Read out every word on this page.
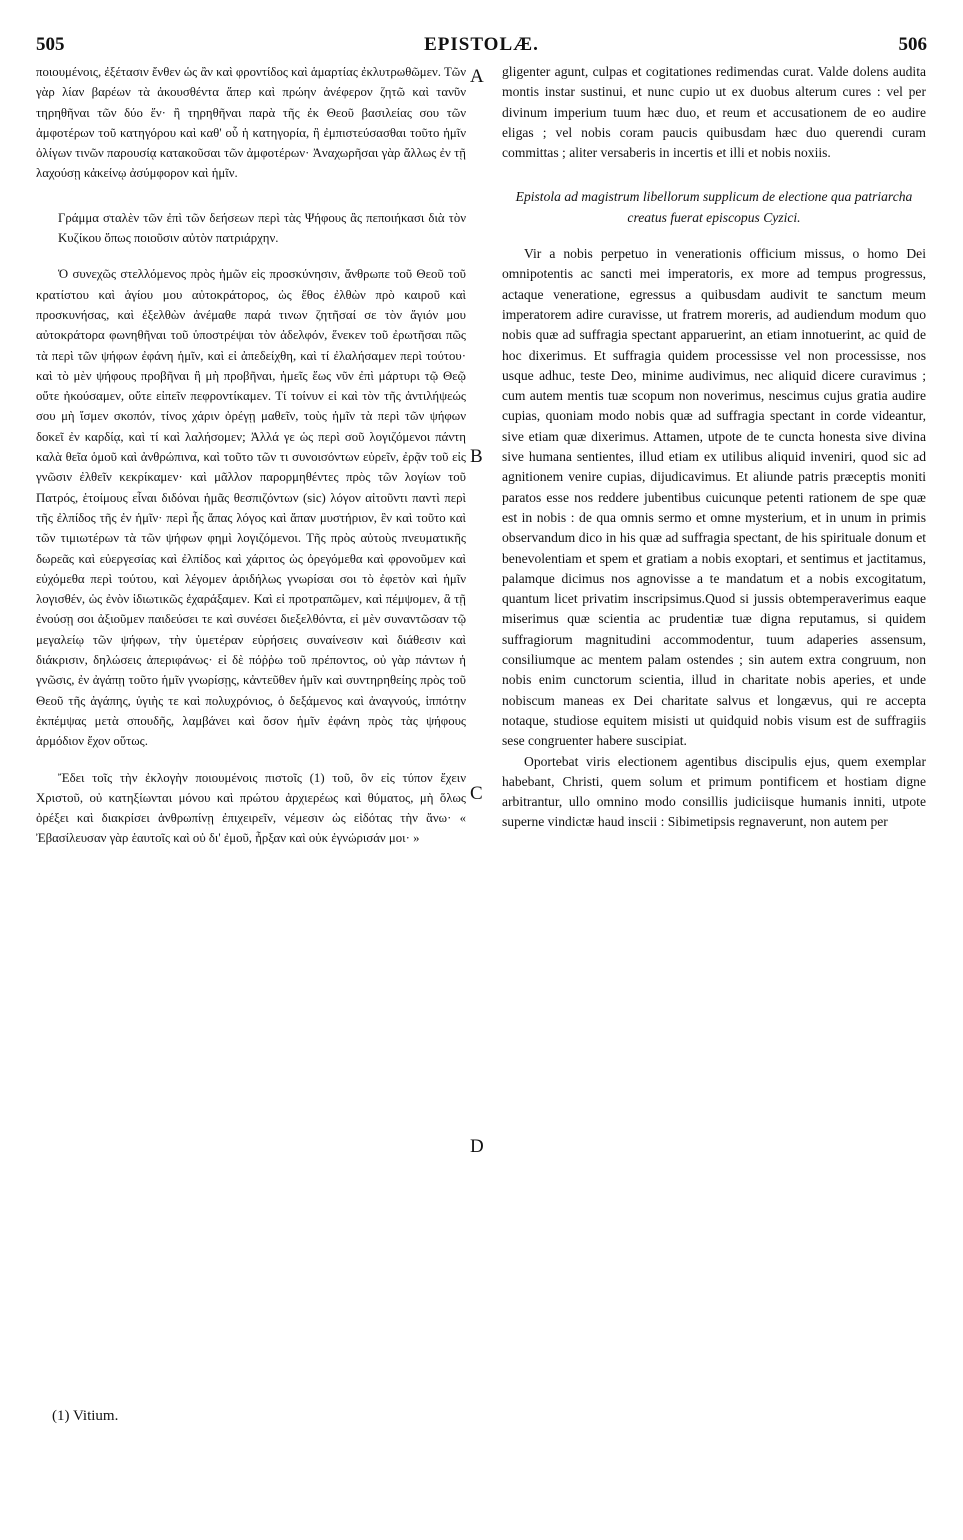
505	EPISTOLÆ.	506

ποιουμένοις, ἐξέτασιν ἔνθεν ὡς ἂν καὶ φροντίδος καὶ ἁμαρτίας ἐκλυτρωθῶμεν. Τῶν γὰρ λίαν βαρέων τὰ ἀκουσθέντα ἅπερ καὶ πρώην ἀνέφερον ζητῶ καὶ τανῦν τηρηθῆναι τῶν δύο ἕν· ἢ τηρηθῆναι παρὰ τῆς ἐκ Θεοῦ βασιλείας σου τῶν ἀμφοτέρων τοῦ κατηγόρου καὶ καθ' οὗ ἡ κατηγορία, ἢ ἐμπιστεύσασθαι τοῦτο ἡμῖν ὀλίγων τινῶν παρουσίᾳ κατακοῦσαι τῶν ἀμφοτέρων· Ἀναχωρῆσαι γὰρ ἄλλως ἐν τῇ λαχούσῃ κἀκείνῳ ἀσύμφορον καὶ ἡμῖν.

Γράμμα σταλὲν τῶν ἐπὶ τῶν δεήσεων περὶ τὰς Ψήφους ἃς πεποιήκασι διὰ τὸν Κυζίκου ὅπως ποιοῦσιν αὐτὸν πατριάρχην.

Ὁ συνεχῶς στελλόμενος πρὸς ἡμῶν εἰς προσκύνησιν, ἄνθρωπε τοῦ Θεοῦ τοῦ κρατίστου καὶ ἁγίου μου αὐτοκράτορος, ὡς ἔθος ἐλθὼν πρὸ καιροῦ καὶ προσκυνήσας, καὶ ἐξελθὼν ἀνέμαθε παρά τινων ζητῆσαί σε τὸν ἅγιόν μου αὐτοκράτορα φωνηθῆναι τοῦ ὑποστρέψαι τὸν ἀδελφόν, ἕνεκεν τοῦ ἐρωτῆσαι πῶς τὰ περὶ τῶν ψήφων ἐφάνη ἡμῖν, καὶ εἰ ἀπεδείχθη, καὶ τί ἐλαλήσαμεν περὶ τούτου· καὶ τὸ μὲν ψήφους προβῆναι ἢ μὴ προβῆναι, ἡμεῖς ἕως νῦν ἐπὶ μάρτυρι τῷ Θεῷ οὔτε ἠκούσαμεν, οὔτε εἰπεῖν πεφροντίκαμεν. Τί τοίνυν εἰ καὶ τὸν τῆς ἀντιλήψεώς σου μὴ ἴσμεν σκοπόν, τίνος χάριν ὀρέγῃ μαθεῖν, τοὺς ἡμῖν τὰ περὶ τῶν ψήφων δοκεῖ ἐν καρδίᾳ, καὶ τί καὶ λαλήσομεν; Ἀλλά γε ὡς περὶ σοῦ λογιζόμενοι πάντη καλὰ θεῖα ὁμοῦ καὶ ἀνθρώπινα, καὶ τοῦτο τῶν τι συνοισόντων εὑρεῖν, ἐρᾷν τοῦ εἰς γνῶσιν ἐλθεῖν κεκρίκαμεν· καὶ μᾶλλον παρορμηθέντες πρὸς τῶν λογίων τοῦ Πατρός, ἑτοίμους εἶναι διδόναι ἡμᾶς θεσπιζόντων (sic) λόγον αἰτοῦντι παντὶ περὶ τῆς ἐλπίδος τῆς ἐν ἡμῖν· περὶ ἧς ἅπας λόγος καὶ ἅπαν μυστήριον, ἓν καὶ τοῦτο καὶ τῶν τιμιωτέρων τὰ τῶν ψήφων φημὶ λογιζόμενοι. Τῆς πρὸς αὐτοὺς πνευματικῆς δωρεᾶς καὶ εὐεργεσίας καὶ ἐλπίδος καὶ χάριτος ὡς ὀρεγόμεθα καὶ φρονοῦμεν καὶ εὐχόμεθα περὶ τούτου, καὶ λέγομεν ἀριδήλως γνωρίσαι σοι τὸ ἐφετὸν καὶ ἡμῖν λογισθέν, ὡς ἐνὸν ἰδιωτικῶς ἐχαράξαμεν. Καὶ εἰ προτραπῶμεν, καὶ πέμψομεν, ἃ τῇ ἐνούσῃ σοι ἀξιοῦμεν παιδεύσει τε καὶ συνέσει διεξελθόντα, εἰ μὲν συναντῶσαν τῷ μεγαλείῳ τῶν ψήφων, τὴν ὑμετέραν εὑρήσεις συναίνεσιν καὶ διάθεσιν καὶ διάκρισιν, δηλώσεις ἀπεριφάνως· εἰ δὲ πόῤῥω τοῦ πρέποντος, οὐ γὰρ πάντων ἡ γνῶσις, ἐν ἀγάπῃ τοῦτο ἡμῖν γνωρίσῃς, κἀντεῦθεν ἡμῖν καὶ συντηρηθείης πρὸς τοῦ Θεοῦ τῆς ἀγάπης, ὑγιὴς τε καὶ πολυχρόνιος, ὁ δεξάμενος καὶ ἀναγνούς, ἱππότην ἐκπέμψας μετὰ σπουδῆς, λαμβάνει καὶ ὅσον ἡμῖν ἐφάνη πρὸς τὰς ψήφους ἁρμόδιον ἔχον οὕτως.

Ἔδει τοῖς τὴν ἐκλογὴν ποιουμένοις πιστοῖς (1) τοῦ, ὃν εἰς τύπον ἔχειν Χριστοῦ, οὐ κατηξίωνται μόνου καὶ πρώτου ἀρχιερέως καὶ θύματος, μὴ ὅλως ὀρέξει καὶ διακρίσει ἀνθρωπίνῃ ἐπιχειρεῖν, νέμεσιν ὡς εἰδότας τὴν ἄνω· « Ἐβασίλευσαν γὰρ ἑαυτοῖς καὶ οὐ δι' ἐμοῦ, ἦρξαν καὶ οὐκ ἐγνώρισάν μοι· »

gligenter agunt, culpas et cogitationes redimendas curat. Valde dolens audita montis instar sustinui, et nunc cupio ut ex duobus alterum cures : vel per divinum imperium tuum hæc duo, et reum et accusationem de eo audire eligas ; vel nobis coram paucis quibusdam hæc duo querendi curam committas ; aliter versaberis in incertis et illi et nobis noxiis.

Epistola ad magistrum libellorum supplicum de electione qua patriarcha creatus fuerat episcopus Cyzici.

Vir a nobis perpetuo in venerationis officium missus, o homo Dei omnipotentis ac sancti mei imperatoris, ex more ad tempus progressus, actaque veneratione, egressus a quibusdam audivit te sanctum meum imperatorem adire curavisse, ut fratrem moreris, ad audiendum modum quo nobis quæ ad suffragia spectant apparuerint, an etiam innotuerint, ac quid de hoc dixerimus. Et suffragia quidem processisse vel non processisse, nos usque adhuc, teste Deo, minime audivimus, nec aliquid dicere curavimus ; cum autem mentis tuæ scopum non noverimus, nescimus cujus gratia audire cupias, quoniam modo nobis quæ ad suffragia spectant in corde videantur, sive etiam quæ dixerimus. Attamen, utpote de te cuncta honesta sive divina sive humana sentientes, illud etiam ex utilibus aliquid inveniri, quod sic ad agnitionem venire cupias, dijudicavimus. Et aliunde patris præceptis moniti paratos esse nos reddere jubentibus cuicunque petenti rationem de spe quæ est in nobis : de qua omnis sermo et omne mysterium, et in unum in primis observandum dico in his quæ ad suffragia spectant, de his spirituale donum et benevolentiam et spem et gratiam a nobis exoptari, et sentimus et jactitamus, palamque dicimus nos agnovisse a te mandatum et a nobis excogitatum, quantum licet privatim inscripsimus.Quod si jussis obtemperaverimus eaque miserimus quæ scientia ac prudentiæ tuæ digna reputamus, si quidem suffragiorum magnitudini accommodentur, tuum adaperies assensum, consiliumque ac mentem palam ostendes ; sin autem extra congruum, non nobis enim cunctorum scientia, illud in charitate nobis aperies, et unde nobiscum maneas ex Dei charitate salvus et longævus, qui re accepta notaque, studiose equitem misisti ut quidquid nobis visum est de suffragiis sese congruenter habere suscipiat.

Oportebat viris electionem agentibus discipulis ejus, quem exemplar habebant, Christi, quem solum et primum pontificem et hostiam digne arbitrantur, ullo omnino modo consillis judiciisque humanis inniti, utpote superne vindictæ haud inscii : Sibimetipsis regnaverunt, non autem per

A
B
C
D
(1) Vitium.
